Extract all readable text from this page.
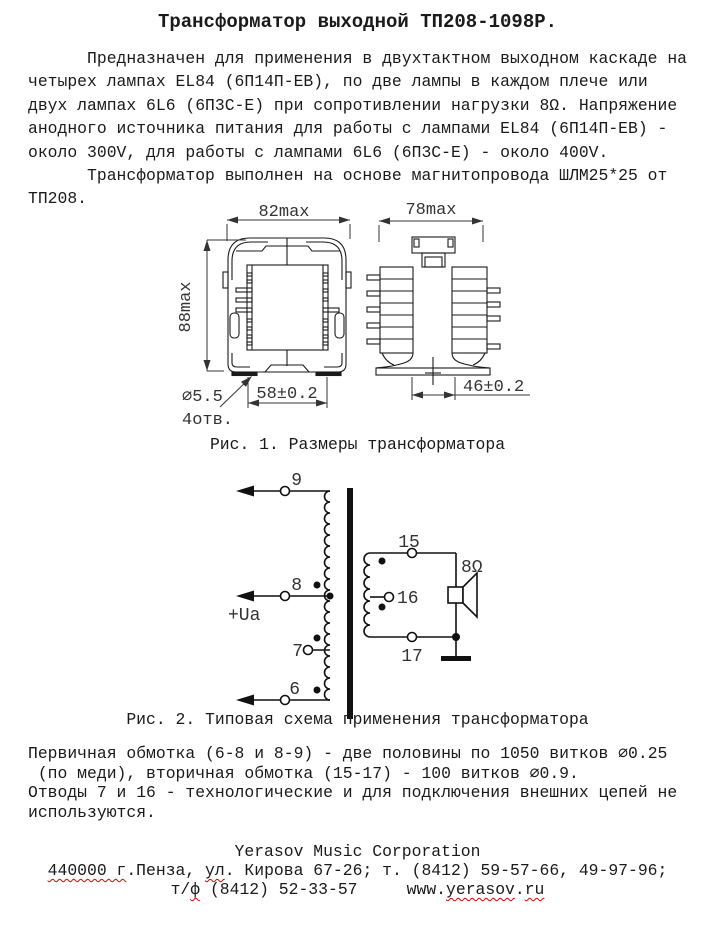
Трансформатор выходной ТП208-1098Р.
Предназначен для применения в двухтактном выходном каскаде на
четырех лампах EL84 (6П14П-ЕВ), по две лампы в каждом плече или
двух лампах 6L6 (6П3С-Е) при сопротивлении нагрузки 8Ω. Напряжение
анодного источника питания для работы с лампами EL84 (6П14П-ЕВ) -
около 300V, для работы с лампами 6L6 (6П3С-Е) - около 400V.
Трансформатор выполнен на основе магнитопровода ШЛМ25*25 от
ТП208.
82max
88max
58±0.2
∅5.5
4отв.
78max
46±0.2
Рис. 1. Размеры трансформатора
9
8
7
6
+Ua
15
16
17
8Ω
Рис. 2. Типовая схема применения трансформатора
Первичная обмотка (6-8 и 8-9) - две половины по 1050 витков ∅0.25
(по меди), вторичная обмотка (15-17) - 100 витков ∅0.9.
Отводы 7 и 16 - технологические и для подключения внешних цепей не
используются.
Yerasov Music Corporation
440000 г.Пенза, ул. Кирова 67-26; т. (8412) 59-57-66, 49-97-96;
т/ф (8412) 52-33-57     www.yerasov.ru
